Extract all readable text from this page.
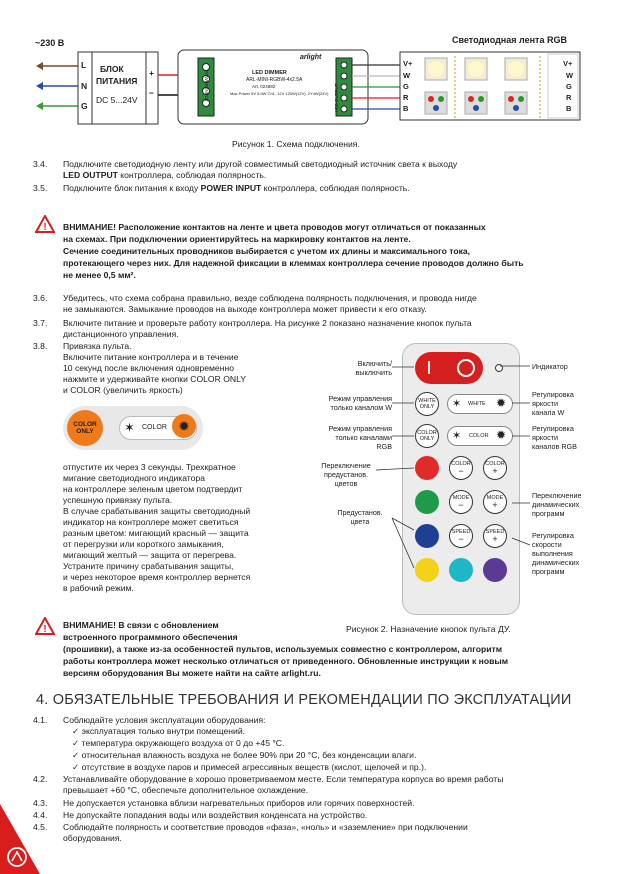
~230 В	Светодиодная лента RGB
L
N
G
БЛОК
ПИТАНИЯ
DC 5...24V
+
−
arlight
LED DIMMER
ARL-MINI-RGBW-4x2.5A
Art. 024892
Max Power 5V 5.0W Ch1, 12V 120W(12V), 2Y4W(24V)
POWER INPUT	LED OUTPUT
V+
W
G
R
B
V+
W
G
R
B
Рисунок 1. Схема подключения.
3.4. Подключите светодиодную ленту или другой совместимый светодиодный источник света к выходу
LED OUTPUT контроллера, соблюдая полярность.
3.5. Подключите блок питания к входу POWER INPUT контроллера, соблюдая полярность.
! ВНИМАНИЕ! Расположение контактов на ленте и цвета проводов могут отличаться от показанных
на схемах. При подключении ориентируйтесь на маркировку контактов на ленте.
Сечение соединительных проводников выбирается с учетом их длины и максимального тока,
протекающего через них. Для надежной фиксации в клеммах контроллера сечение проводов должно быть
не менее 0,5 мм².
3.6. Убедитесь, что схема собрана правильно, везде соблюдена полярность подключения, и провода нигде
не замыкаются. Замыкание проводов на выходе контроллера может привести к его отказу.
3.7. Включите питание и проверьте работу контроллера. На рисунке 2 показано назначение кнопок пульта
дистанционного управления.
3.8. Привязка пульта.
Включите питание контроллера и в течение
10 секунд после включения одновременно
нажмите и удерживайте кнопки COLOR ONLY
и COLOR (увеличить яркость)
COLOR ONLY	✶ COLOR ✹
отпустите их через 3 секунды. Трехкратное
мигание светодиодного индикатора
на контроллере зеленым цветом подтвердит
успешную привязку пульта.
В случае срабатывания защиты светодиодный
индикатор на контроллере может светиться
разным цветом: мигающий красный — защита
от перегрузки или короткого замыкания,
мигающий желтый — защита от перегрева.
Устраните причину срабатывания защиты,
и через некоторое время контроллер вернется
в рабочий режим.
|
WHITE ONLY	✶ WHITE ✹
COLOR ONLY	✶ COLOR ✹
COLOR
−
COLOR
+
MODE
−
MODE
+
SPEED
−
SPEED
+
Включить/
выключить
Режим управления
только каналом W
Режим управления
только каналами
RGB
Переключение
предустанов.
цветов
Предустанов.
цвета
Индикатор
Регулировка
яркости
канала W
Регулировка
яркости
каналов RGB
Переключение
динамических
программ
Регулировка
скорости
выполнения
динамических
программ
Рисунок 2. Назначение кнопок пульта ДУ.
! ВНИМАНИЕ! В связи с обновлением
встроенного программного обеспечения
(прошивки), а также из-за особенностей пультов, используемых совместно с контроллером, алгоритм
работы контроллера может несколько отличаться от приведенного. Обновленные инструкции к новым
версиям оборудования Вы можете найти на сайте arlight.ru.
4. ОБЯЗАТЕЛЬНЫЕ ТРЕБОВАНИЯ И РЕКОМЕНДАЦИИ ПО ЭКСПЛУАТАЦИИ
4.1. Соблюдайте условия эксплуатации оборудования:
✓ эксплуатация только внутри помещений.
✓ температура окружающего воздуха от 0 до +45 °С.
✓ относительная влажность воздуха не более 90% при 20 °C, без конденсации влаги.
✓ отсутствие в воздухе паров и примесей агрессивных веществ (кислот, щелочей и пр.).
4.2. Устанавливайте оборудование в хорошо проветриваемом месте. Если температура корпуса во время работы
превышает +60 °С, обеспечьте дополнительное охлаждение.
4.3. Не допускается установка вблизи нагревательных приборов или горячих поверхностей.
4.4. Не допускайте попадания воды или воздействия конденсата на устройство.
4.5. Соблюдайте полярность и соответствие проводов «фаза», «ноль» и «заземление» при подключении
оборудования.
